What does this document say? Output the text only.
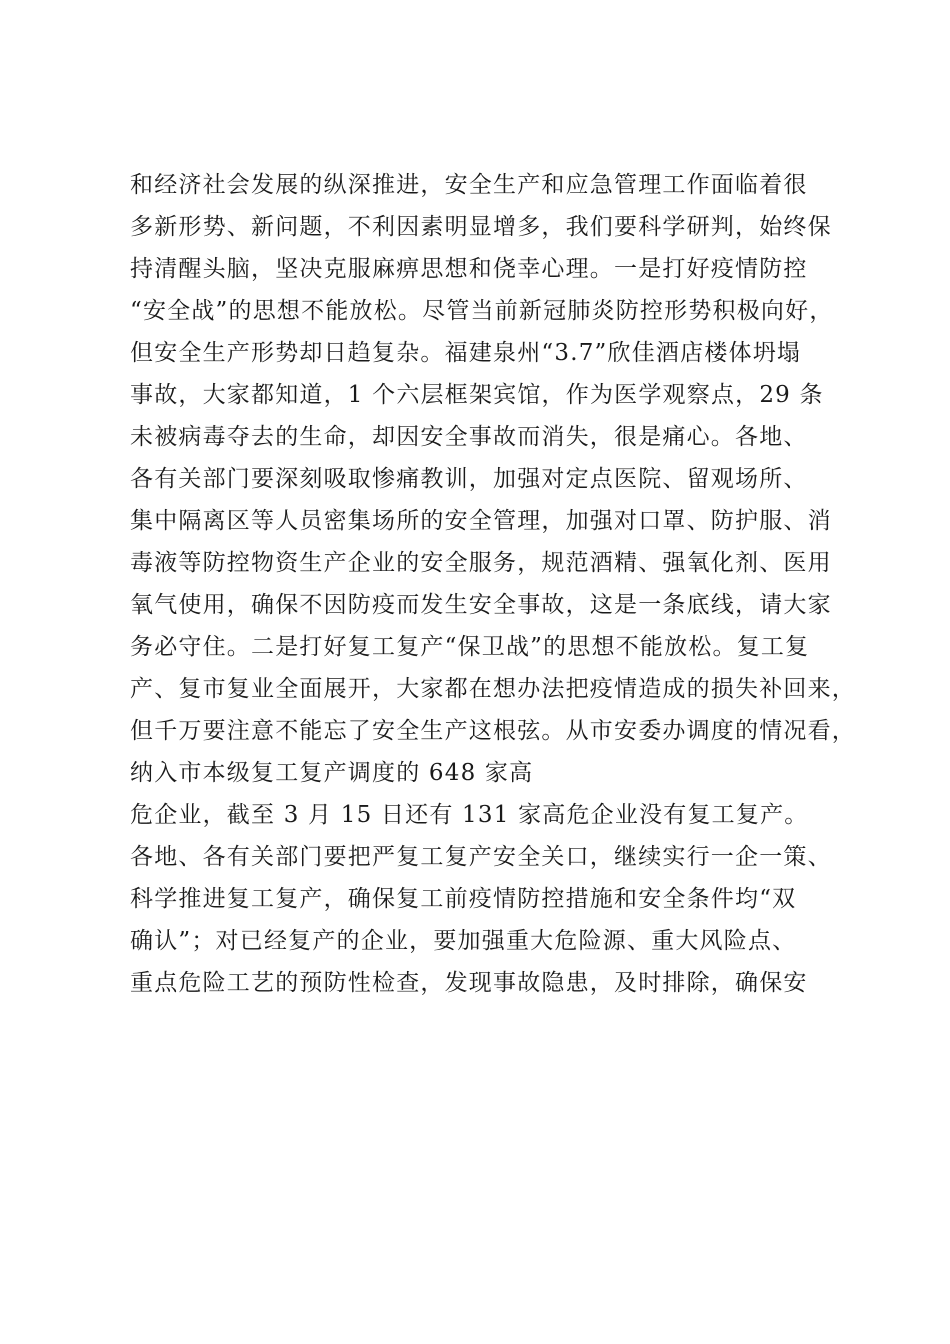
和经济社会发展的纵深推进，安全生产和应急管理工作面临着很
多新形势、新问题，不利因素明显增多，我们要科学研判，始终保
持清醒头脑，坚决克服麻痹思想和侥幸心理。一是打好疫情防控
“安全战”的思想不能放松。尽管当前新冠肺炎防控形势积极向好，
但安全生产形势却日趋复杂。福建泉州“3.7”欣佳酒店楼体坍塌
事故，大家都知道，1 个六层框架宾馆，作为医学观察点，29 条
未被病毒夺去的生命，却因安全事故而消失，很是痛心。各地、
各有关部门要深刻吸取惨痛教训，加强对定点医院、留观场所、
集中隔离区等人员密集场所的安全管理，加强对口罩、防护服、消
毒液等防控物资生产企业的安全服务，规范酒精、强氧化剂、医用
氧气使用，确保不因防疫而发生安全事故，这是一条底线，请大家
务必守住。二是打好复工复产“保卫战”的思想不能放松。复工复
产、复市复业全面展开，大家都在想办法把疫情造成的损失补回来，
但千万要注意不能忘了安全生产这根弦。从市安委办调度的情况看，
纳入市本级复工复产调度的 648 家高
危企业，截至 3 月 15 日还有 131 家高危企业没有复工复产。
各地、各有关部门要把严复工复产安全关口，继续实行一企一策、
科学推进复工复产，确保复工前疫情防控措施和安全条件均“双
确认”；对已经复产的企业，要加强重大危险源、重大风险点、
重点危险工艺的预防性检查，发现事故隐患，及时排除，确保安
